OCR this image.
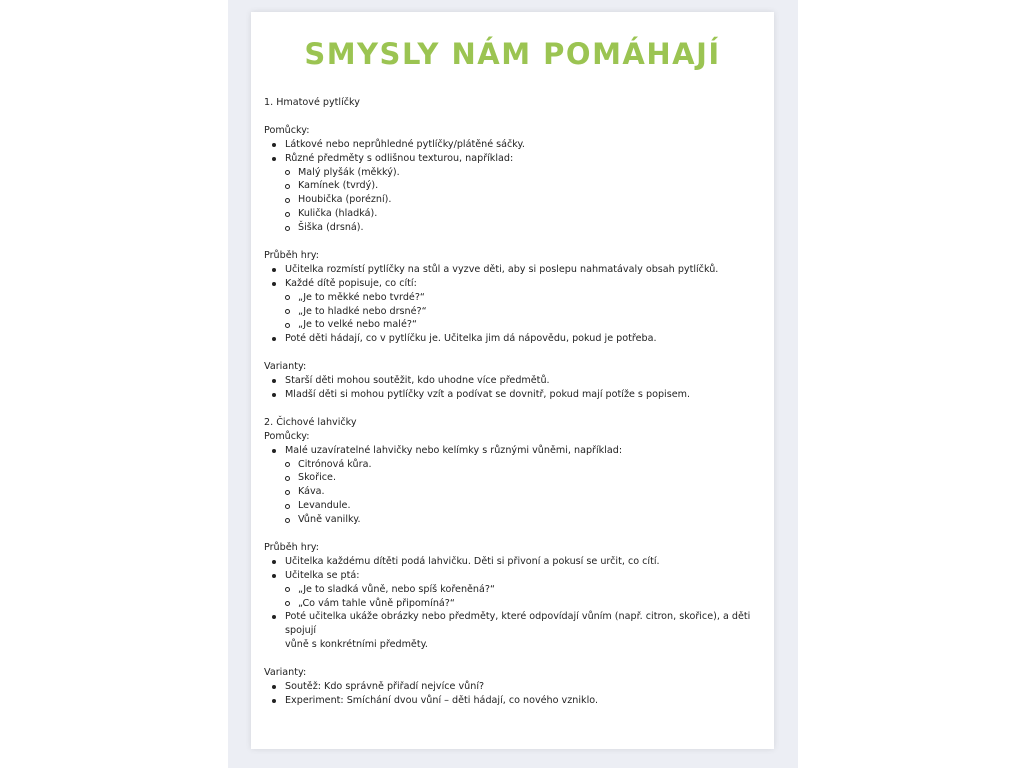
SMYSLY NÁM POMÁHAJÍ

1. Hmatové pytlíčky

Pomůcky:

Látkové nebo neprůhledné pytlíčky/plátěné sáčky.
Různé předměty s odlišnou texturou, například:
Malý plyšák (měkký).
Kamínek (tvrdý).
Houbička (porézní).
Kulička (hladká).
Šiška (drsná).

Průběh hry:

Učitelka rozmístí pytlíčky na stůl a vyzve děti, aby si poslepu nahmatávaly obsah pytlíčků.
Každé dítě popisuje, co cítí:
„Je to měkké nebo tvrdé?“
„Je to hladké nebo drsné?“
„Je to velké nebo malé?“
Poté děti hádají, co v pytlíčku je. Učitelka jim dá nápovědu, pokud je potřeba.

Varianty:

Starší děti mohou soutěžit, kdo uhodne více předmětů.
Mladší děti si mohou pytlíčky vzít a podívat se dovnitř, pokud mají potíže s popisem.

2. Čichové lahvičky

Pomůcky:

Malé uzavíratelné lahvičky nebo kelímky s různými vůněmi, například:
Citrónová kůra.
Skořice.
Káva.
Levandule.
Vůně vanilky.

Průběh hry:

Učitelka každému dítěti podá lahvičku. Děti si přivoní a pokusí se určit, co cítí.
Učitelka se ptá:
„Je to sladká vůně, nebo spíš kořeněná?“
„Co vám tahle vůně připomíná?“
Poté učitelka ukáže obrázky nebo předměty, které odpovídají vůním (např. citron, skořice), a děti spojují
vůně s konkrétními předměty.

Varianty:

Soutěž: Kdo správně přiřadí nejvíce vůní?
Experiment: Smíchání dvou vůní – děti hádají, co nového vzniklo.
